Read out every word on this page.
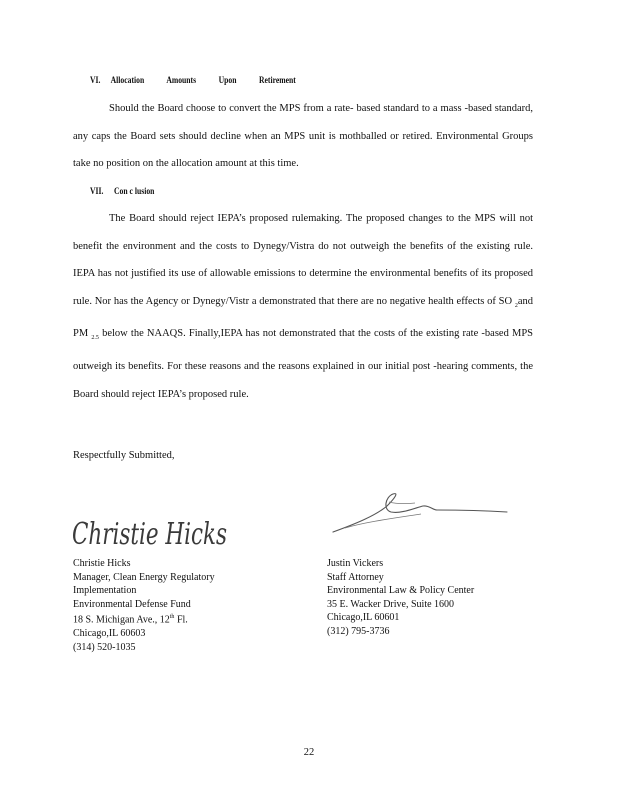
VI. Allocation Amounts	Upon	Retirement

Should the Board choose to convert the MPS from a rate- based standard to a mass -based standard, any caps the Board sets should decline when an MPS unit is mothballed or retired. Environmental Groups take no position on the allocation amount at this time.

VII. Con c lusion

The Board should reject IEPA’s proposed rulemaking. The proposed changes to the MPS will not benefit the environment and the costs to Dynegy/Vistra do not outweigh the benefits of the existing rule. IEPA has not justified its use of allowable emissions to determine the environmental benefits of its proposed rule. Nor has the Agency or Dynegy/Vistr a demonstrated that there are no negative health effects of SO $_2$and PM $_{2.5}$ below the NAAQS. Finally,IEPA has not demonstrated that the costs of the existing rate -based MPS outweigh its benefits. For these reasons and the reasons explained in our initial post -hearing comments, the Board should reject IEPA’s proposed rule.

Respectfully Submitted,
Christie Hicks
Christie Hicks
Manager, Clean Energy Regulatory
Implementation
Environmental Defense Fund
18 S. Michigan Ave., 12th Fl.
Chicago,IL 60603
(314) 520-1035
Justin Vickers
Staff Attorney
Environmental Law & Policy Center
35 E. Wacker Drive, Suite 1600
Chicago,IL 60601
(312) 795-3736
22
